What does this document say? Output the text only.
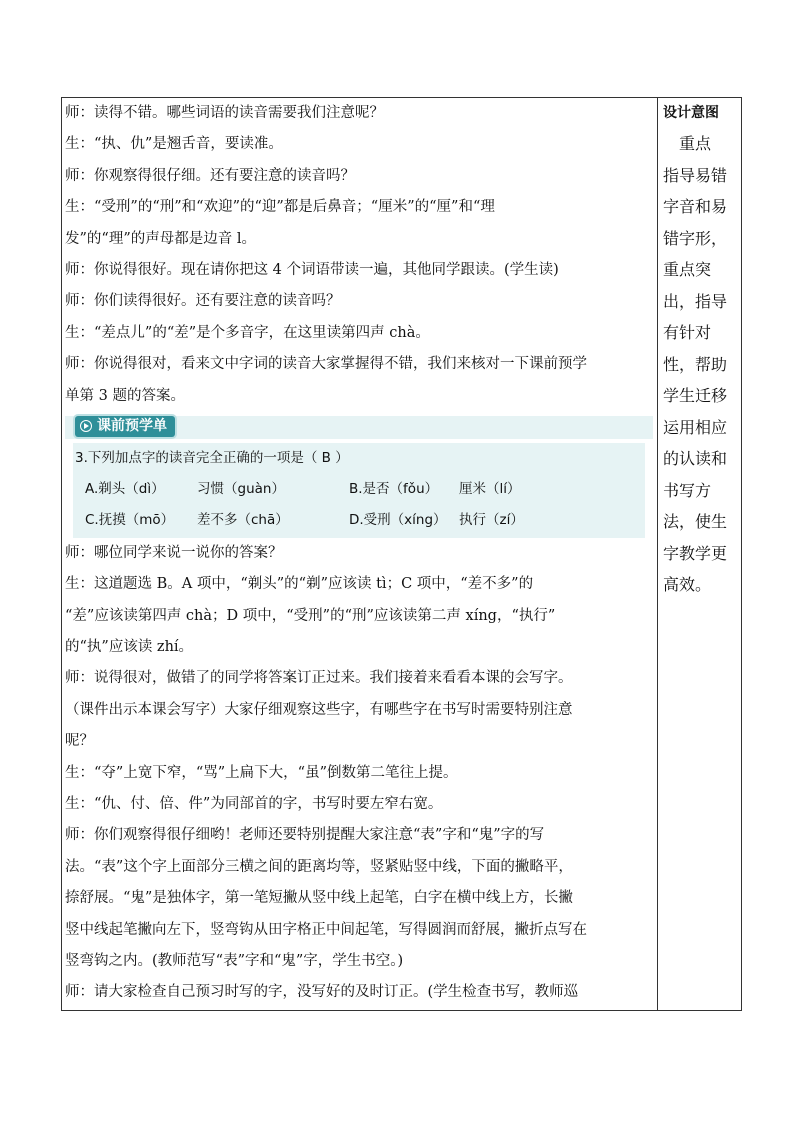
师：读得不错。哪些词语的读音需要我们注意呢？
生：“执、仇”是翘舌音，要读准。
师：你观察得很仔细。还有要注意的读音吗？
生：“受刑”的“刑”和“欢迎”的“迎”都是后鼻音；“厘米”的“厘”和“理
发”的“理”的声母都是边音 l。
师：你说得很好。现在请你把这 4 个词语带读一遍，其他同学跟读。(学生读)
师：你们读得很好。还有要注意的读音吗？
生：“差点儿”的“差”是个多音字，在这里读第四声 chà。
师：你说得很对，看来文中字词的读音大家掌握得不错，我们来核对一下课前预学
单第 3 题的答案。
课前预学单
3.下列加点字的读音完全正确的一项是（ B ）
A.剃头（dì） 习惯（guàn）	B.是否（fǒu） 厘米（lí）
C.抚摸（mō） 差不多（chā）	D.受刑（xíng） 执行（zí）
师：哪位同学来说一说你的答案？
生：这道题选 B。A 项中，“剃头”的“剃”应该读 tì；C 项中，“差不多”的
“差”应该读第四声 chà；D 项中，“受刑”的“刑”应该读第二声 xíng，“执行”
的“执”应该读 zhí。
师：说得很对，做错了的同学将答案订正过来。我们接着来看看本课的会写字。
（课件出示本课会写字）大家仔细观察这些字，有哪些字在书写时需要特别注意
呢？
生：“夺”上宽下窄，“骂”上扁下大，“虽”倒数第二笔往上提。
生：“仇、付、倍、件”为同部首的字，书写时要左窄右宽。
师：你们观察得很仔细哟！老师还要特别提醒大家注意“表”字和“鬼”字的写
法。“表”这个字上面部分三横之间的距离均等，竖紧贴竖中线，下面的撇略平，
捺舒展。“鬼”是独体字，第一笔短撇从竖中线上起笔，白字在横中线上方，长撇
竖中线起笔撇向左下，竖弯钩从田字格正中间起笔，写得圆润而舒展，撇折点写在
竖弯钩之内。(教师范写“表”字和“鬼”字，学生书空。)
师：请大家检查自己预习时写的字，没写好的及时订正。(学生检查书写，教师巡
设计意图
　重点
指导易错
字音和易
错字形，
重点突
出，指导
有针对
性，帮助
学生迁移
运用相应
的认读和
书写方
法，使生
字教学更
高效。
